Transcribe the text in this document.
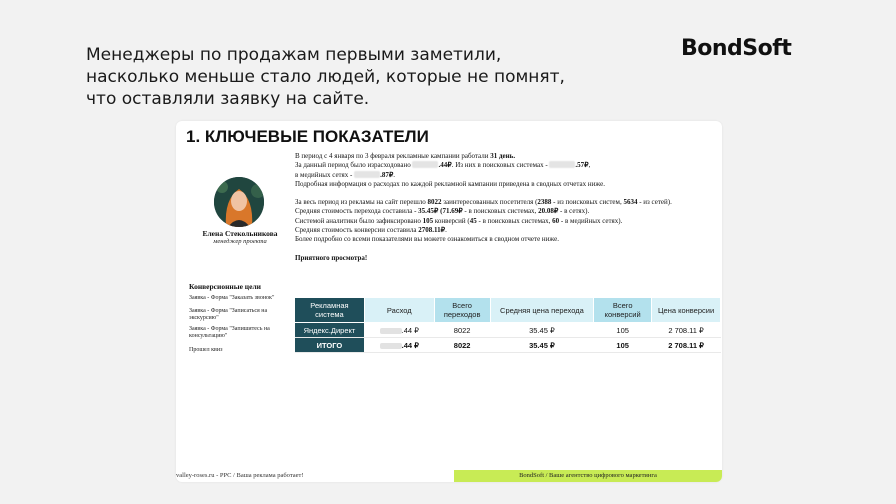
Менеджеры по продажам первыми заметили,
насколько меньше стало людей, которые не помнят,
что оставляли заявку на сайте.
BondSoft
1. КЛЮЧЕВЫЕ ПОКАЗАТЕЛИ
Елена Стекольникова
менеджер проекта
Конверсионные цели
Заявка - Форма "Заказать звонок"
Заявка - Форма "Записаться на экскурсию"
Заявка - Форма "Запишитесь на консультацию"
Прошел квиз

В период с 4 января по 3 февраля рекламные кампании работали 31 день.
За данный период было израсходовано	.44₽. Из них в поисковых системах -	.57₽,
в медийных сетях -	.87₽.
Подробная информация о расходах по каждой рекламной кампании приведена в сводных отчетах ниже.

За весь период из рекламы на сайт перешло 8022 заинтересованных посетителя (2388 - из поисковых систем, 5634 - из сетей).
Средняя стоимость перехода составила - 35.45₽ (71.69₽ - в поисковых системах, 20.08₽ - в сетях).
Системой аналитики было зафиксировано 105 конверсий (45 - в поисковых системах, 60 - в медийных сетях).
Средняя стоимость конверсии составила 2708.11₽.
Более подробно со всеми показателями вы можете ознакомиться в сводном отчете ниже.

Приятного просмотра!

Рекламная система	Расход	Всего переходов	Средняя цена перехода	Всего конверсий	Цена конверсии
Яндекс.Директ	.44 ₽	8022	35.45 ₽	105	2 708.11 ₽
ИТОГО	.44 ₽	8022	35.45 ₽	105	2 708.11 ₽
valley-roses.ru - PPC / Ваша реклама работает!	BondSoft / Ваше агентство цифрового маркетинга
